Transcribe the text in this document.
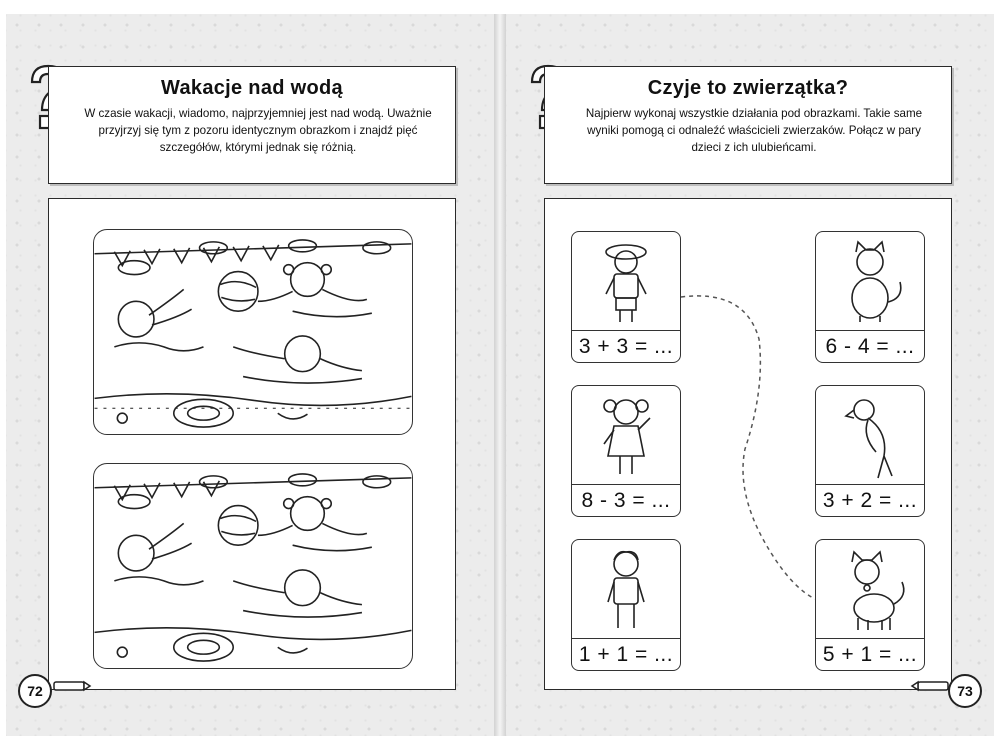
Wakacje nad wodą
W czasie wakacji, wiadomo, najprzyjemniej jest nad wodą. Uważnie przyjrzyj się tym z pozoru identycznym obrazkom i znajdź pięć szczegółów, którymi jednak się różnią.
72
Czyje to zwierzątka?
Najpierw wykonaj wszystkie działania pod obrazkami. Takie same wyniki pomogą ci odnaleźć właścicieli zwierzaków. Połącz w pary dzieci z ich ulubieńcami.
3 + 3 = ...
8 - 3 = ...
1 + 1 = ...
6 - 4 = ...
3 + 2 = ...
5 + 1 = ...
73
